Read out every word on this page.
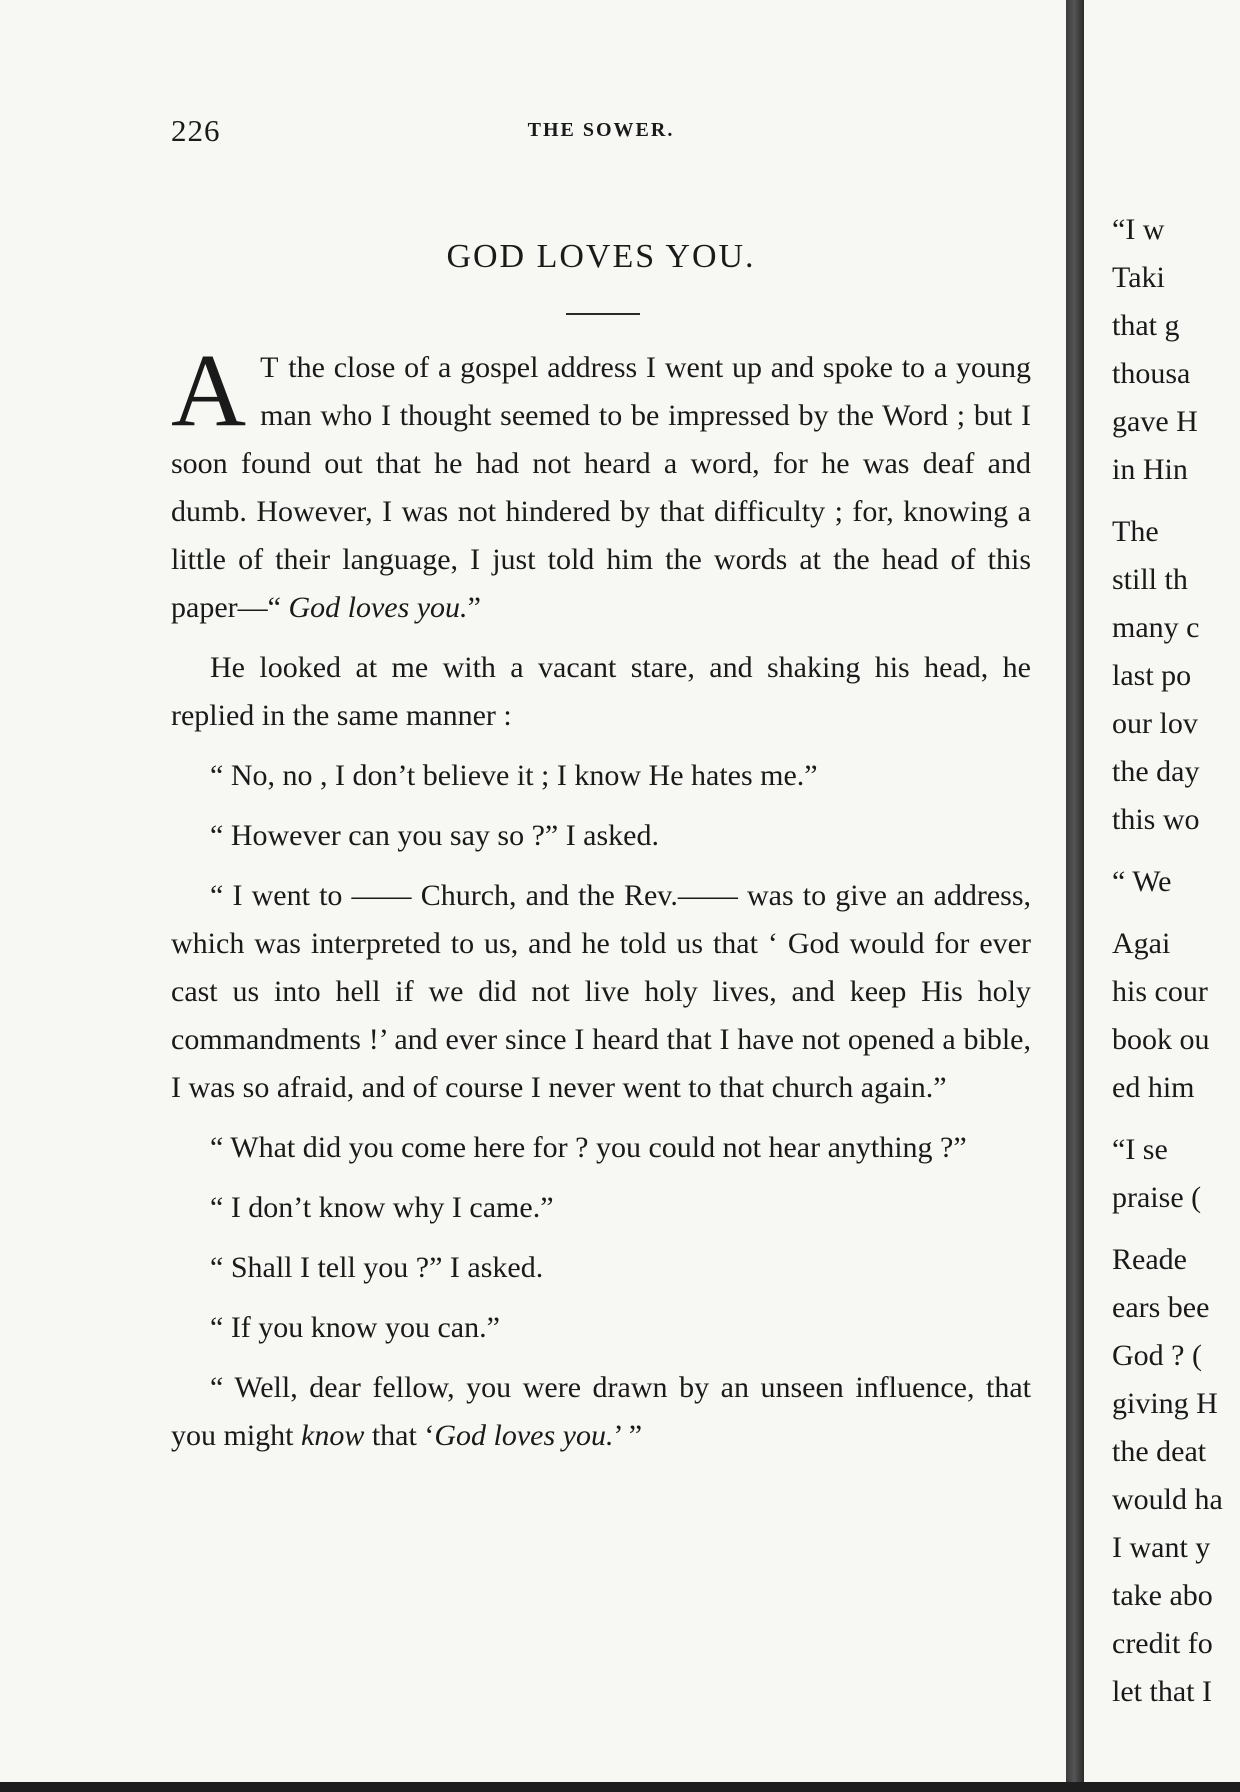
226	THE SOWER.
GOD LOVES YOU.

A T the close of a gospel address I went up and spoke to a young man who I thought seemed to be impressed by the Word ; but I soon found out that he had not heard a word, for he was deaf and dumb. However, I was not hindered by that difficulty ; for, knowing a little of their language, I just told him the words at the head of this paper—“ God loves you.”

He looked at me with a vacant stare, and shaking his head, he replied in the same manner :

“ No, no , I don’t believe it ; I know He hates me.”

“ However can you say so ?” I asked.

“ I went to —— Church, and the Rev.—— was to give an address, which was interpreted to us, and he told us that ‘ God would for ever cast us into hell if we did not live holy lives, and keep His holy commandments !’ and ever since I heard that I have not opened a bible, I was so afraid, and of course I never went to that church again.”

“ What did you come here for ? you could not hear anything ?”

“ I don’t know why I came.”

“ Shall I tell you ?” I asked.

“ If you know you can.”

“ Well, dear fellow, you were drawn by an unseen influence, that you might know that ‘God loves you.’ ”

“I w
Taki
that g
thousa
gave H
in Hin
The
still th
many c
last po
our lov
the day
this wo
“ We
Agai
his cour
book ou
ed him
“I se
praise (
Reade
ears bee
God ? (
giving H
the deat
would ha
I want y
take abo
credit fo
let that I
